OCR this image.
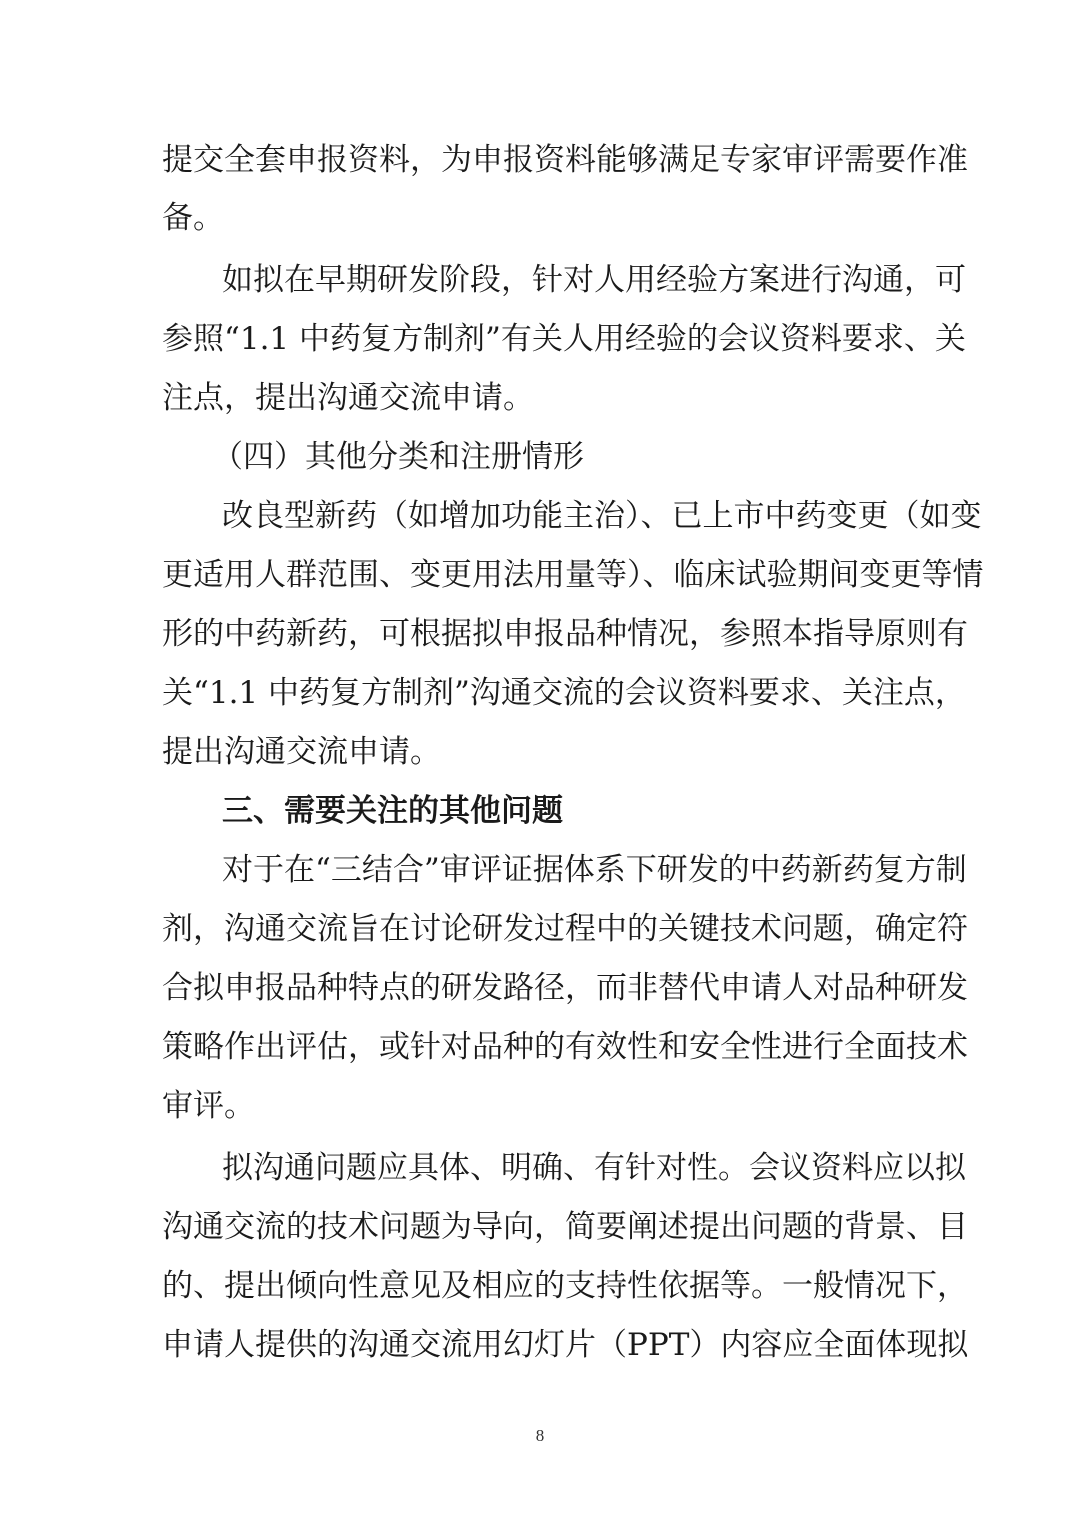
提交全套申报资料，为申报资料能够满足专家审评需要作准
备。
如拟在早期研发阶段，针对人用经验方案进行沟通，可
参照“1.1 中药复方制剂”有关人用经验的会议资料要求、关
注点，提出沟通交流申请。
（四）其他分类和注册情形
改良型新药（如增加功能主治）、已上市中药变更（如变
更适用人群范围、变更用法用量等）、临床试验期间变更等情
形的中药新药，可根据拟申报品种情况，参照本指导原则有
关“1.1 中药复方制剂”沟通交流的会议资料要求、关注点，
提出沟通交流申请。
三、需要关注的其他问题
对于在“三结合”审评证据体系下研发的中药新药复方制
剂，沟通交流旨在讨论研发过程中的关键技术问题，确定符
合拟申报品种特点的研发路径，而非替代申请人对品种研发
策略作出评估，或针对品种的有效性和安全性进行全面技术
审评。
拟沟通问题应具体、明确、有针对性。会议资料应以拟
沟通交流的技术问题为导向，简要阐述提出问题的背景、目
的、提出倾向性意见及相应的支持性依据等。一般情况下，
申请人提供的沟通交流用幻灯片（PPT）内容应全面体现拟
8
